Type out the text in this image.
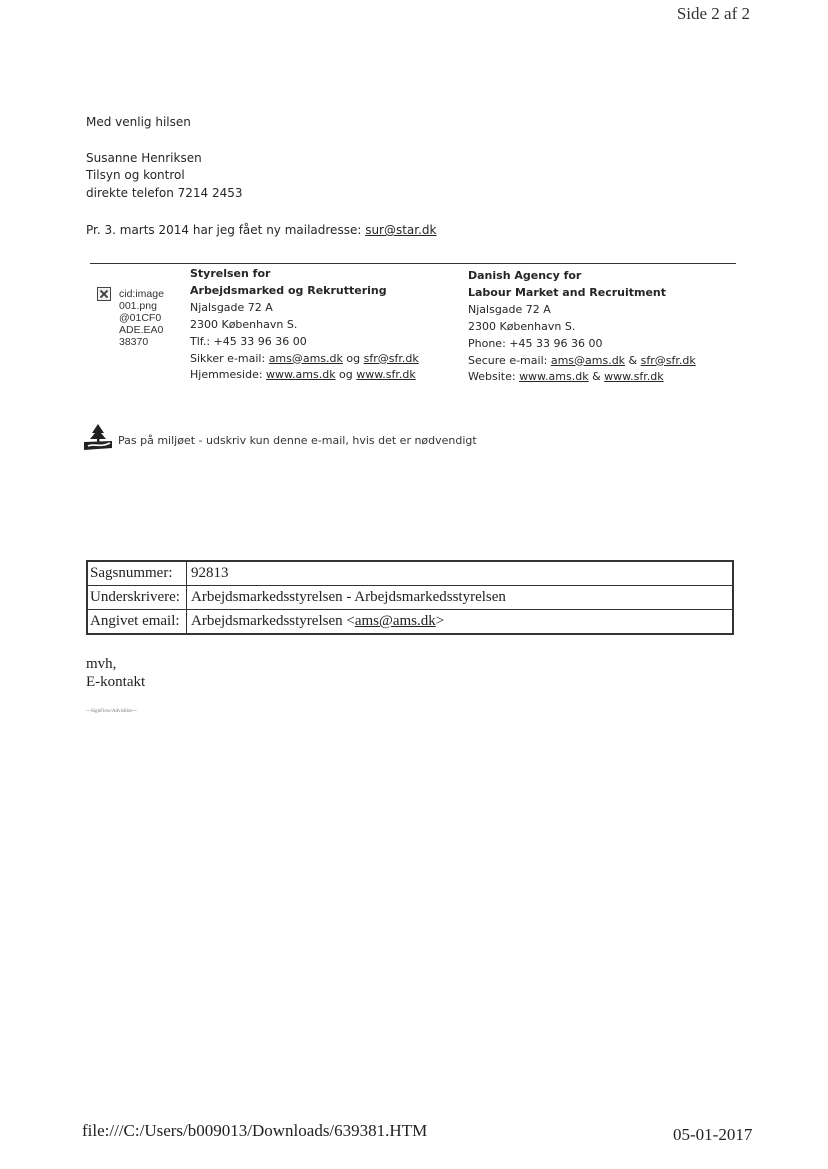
Side 2 af 2
Med venlig hilsen
Susanne Henriksen
Tilsyn og kontrol
direkte telefon 7214 2453
Pr. 3. marts 2014 har jeg fået ny mailadresse: sur@star.dk
cid:image001.png@01CF0ADE.EA038370
Styrelsen for
Arbejdsmarked og Rekruttering
Njalsgade 72 A
2300 København S.
Tlf.: +45 33 96 36 00
Sikker e-mail: ams@ams.dk og sfr@sfr.dk
Hjemmeside: www.ams.dk og www.sfr.dk
Danish Agency for
Labour Market and Recruitment
Njalsgade 72 A
2300 København S.
Phone: +45 33 96 36 00
Secure e-mail: ams@ams.dk & sfr@sfr.dk
Website: www.ams.dk & www.sfr.dk
Pas på miljøet - udskriv kun denne e-mail, hvis det er nødvendigt
Sagsnummer:	92813
Underskrivere:	Arbejdsmarkedsstyrelsen - Arbejdsmarkedsstyrelsen
Angivet email:	Arbejdsmarkedsstyrelsen <ams@ams.dk>
mvh,
E-kontakt
---SignFlow/AdvisSlut---
file:///C:/Users/b009013/Downloads/639381.HTM	05-01-2017
